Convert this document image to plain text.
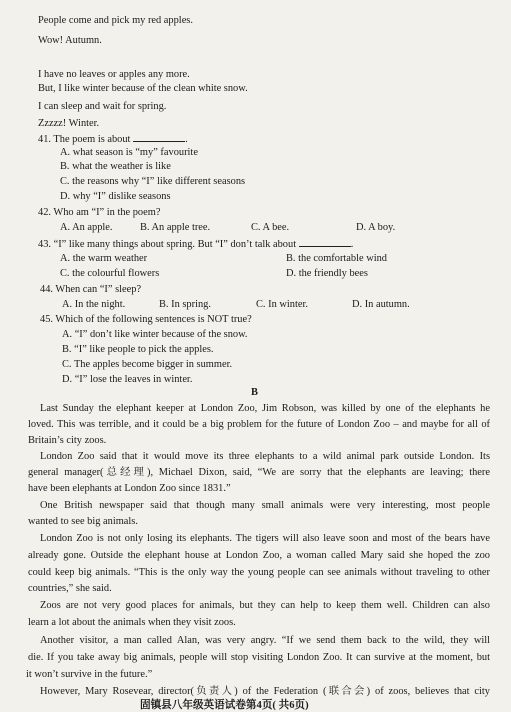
People come and pick my red apples.
Wow! Autumn.
I have no leaves or apples any more.
But, I like winter because of the clean white snow.
I can sleep and wait for spring.
Zzzzz! Winter.
41. The poem is about	.
A. what season is “my” favourite
B. what the weather is like
C. the reasons why “I” like different seasons
D. why “I” dislike seasons
42. Who am “I” in the poem?
A. An apple.	B. An apple tree.	C. A bee.	D. A boy.
43. “I” like many things about spring. But “I” don’t talk about	.
A. the warm weather	B. the comfortable wind
C. the colourful flowers	D. the friendly bees
44. When can “I” sleep?
A. In the night.	B. In spring.	C. In winter.	D. In autumn.
45. Which of the following sentences is NOT true?
A. “I” don’t like winter because of the snow.
B. “I” like people to pick the apples.
C. The apples become bigger in summer.
D. “I” lose the leaves in winter.
B
Last Sunday the elephant keeper at London Zoo, Jim Robson, was killed by one of the elephants he
loved. This was terrible, and it could be a big problem for the future of London Zoo – and maybe for all of
Britain’s city zoos.
London Zoo said that it would move its three elephants to a wild animal park outside London. Its
general manager(总经理), Michael Dixon, said, “We are sorry that the elephants are leaving; there
have been elephants at London Zoo since 1831.”
One British newspaper said that though many small animals were very interesting, most people
wanted to see big animals.
London Zoo is not only losing its elephants. The tigers will also leave soon and most of the bears have
already gone. Outside the elephant house at London Zoo, a woman called Mary said she hoped the zoo
could keep big animals. “This is the only way the young people can see animals without traveling to other
countries,” she said.
Zoos are not very good places for animals, but they can help to keep them well. Children can also
learn a lot about the animals when they visit zoos.
Another visitor, a man called Alan, was very angry. “If we send them back to the wild, they will
die. If you take away big animals, people will stop visiting London Zoo. It can survive at the moment, but
it won’t survive in the future.”
However, Mary Rosevear, director(负责人) of the Federation (联合会) of zoos, believes that city
固镇县八年级英语试卷第4页( 共6页)
